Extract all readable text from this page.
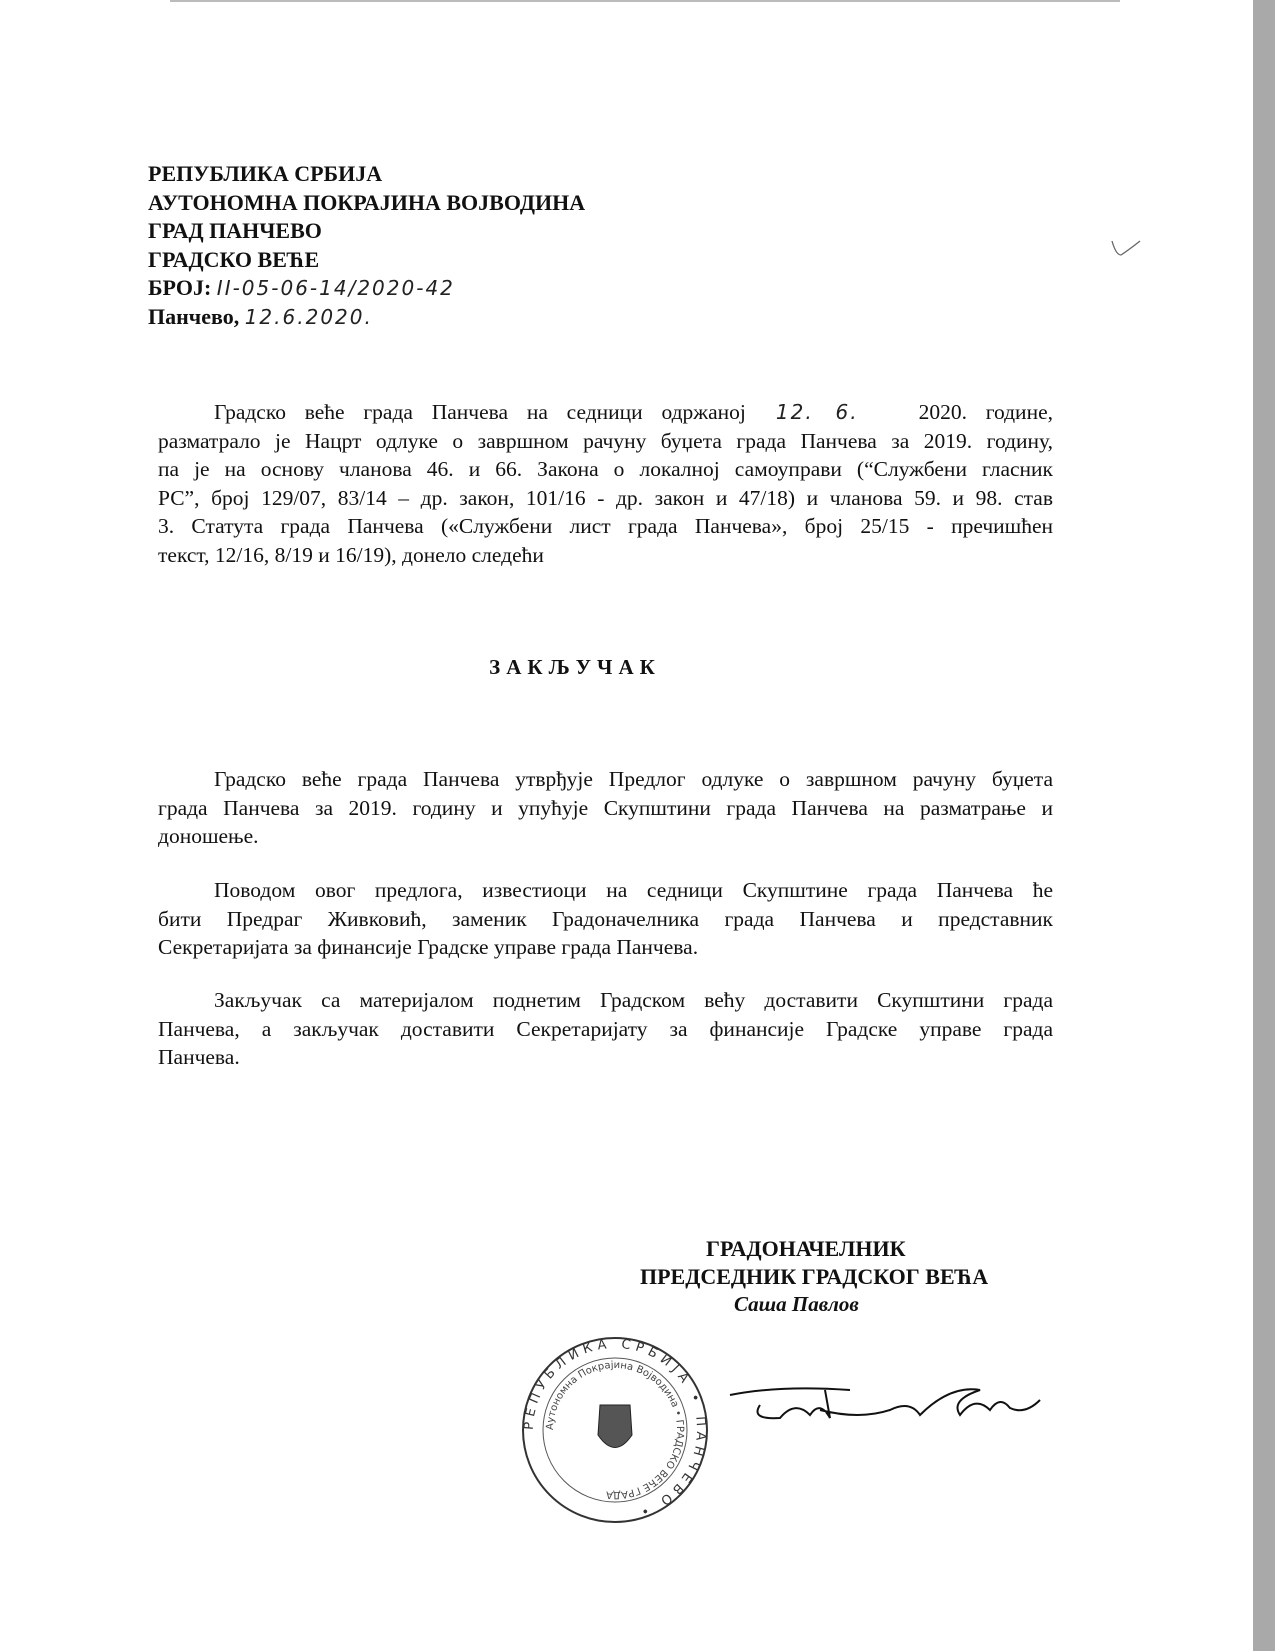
РЕПУБЛИКА СРБИЈА
АУТОНОМНА ПОКРАЈИНА ВОЈВОДИНА
ГРАД ПАНЧЕВО
ГРАДСКО ВЕЋЕ
БРОЈ: II-05-06-14/2020-42
Панчево, 12.6.2020.
Градско веће града Панчева на седници одржаној 12. 6.	2020. године,
разматрало је Нацрт одлуке о завршном рачуну буџета града Панчева за 2019. годину,
па је на основу чланова 46. и 66. Закона о локалној самоуправи (“Службени гласник
РС”, број 129/07, 83/14 – др. закон, 101/16 - др. закон и 47/18) и чланова 59. и 98. став
3. Статута града Панчева («Службени лист града Панчева», број 25/15 - пречишћен
текст, 12/16, 8/19 и 16/19), донело следећи
ЗАКЉУЧАК
Градско веће града Панчева утврђује Предлог одлуке о завршном рачуну буџета
града Панчева за 2019. годину и упућује Скупштини града Панчева на разматрање и
доношење.
Поводом овог предлога, известиоци на седници Скупштине града Панчева ће
бити Предраг Живковић, заменик Градоначелника града Панчева и представник
Секретаријата за финансије Градске управе града Панчева.
Закључак са материјалом поднетим Градском већу доставити Скупштини града
Панчева, а закључак доставити Секретаријату за финансије Градске управе града
Панчева.
ГРАДОНАЧЕЛНИК
ПРЕДСЕДНИК ГРАДСКОГ ВЕЋА
Саша Павлов
РЕПУБЛИКА СРБИЈА • ПАНЧЕВО •
Аутономна Покрајина Војводина • ГРАДСКО ВЕЋЕ ГРАДА
